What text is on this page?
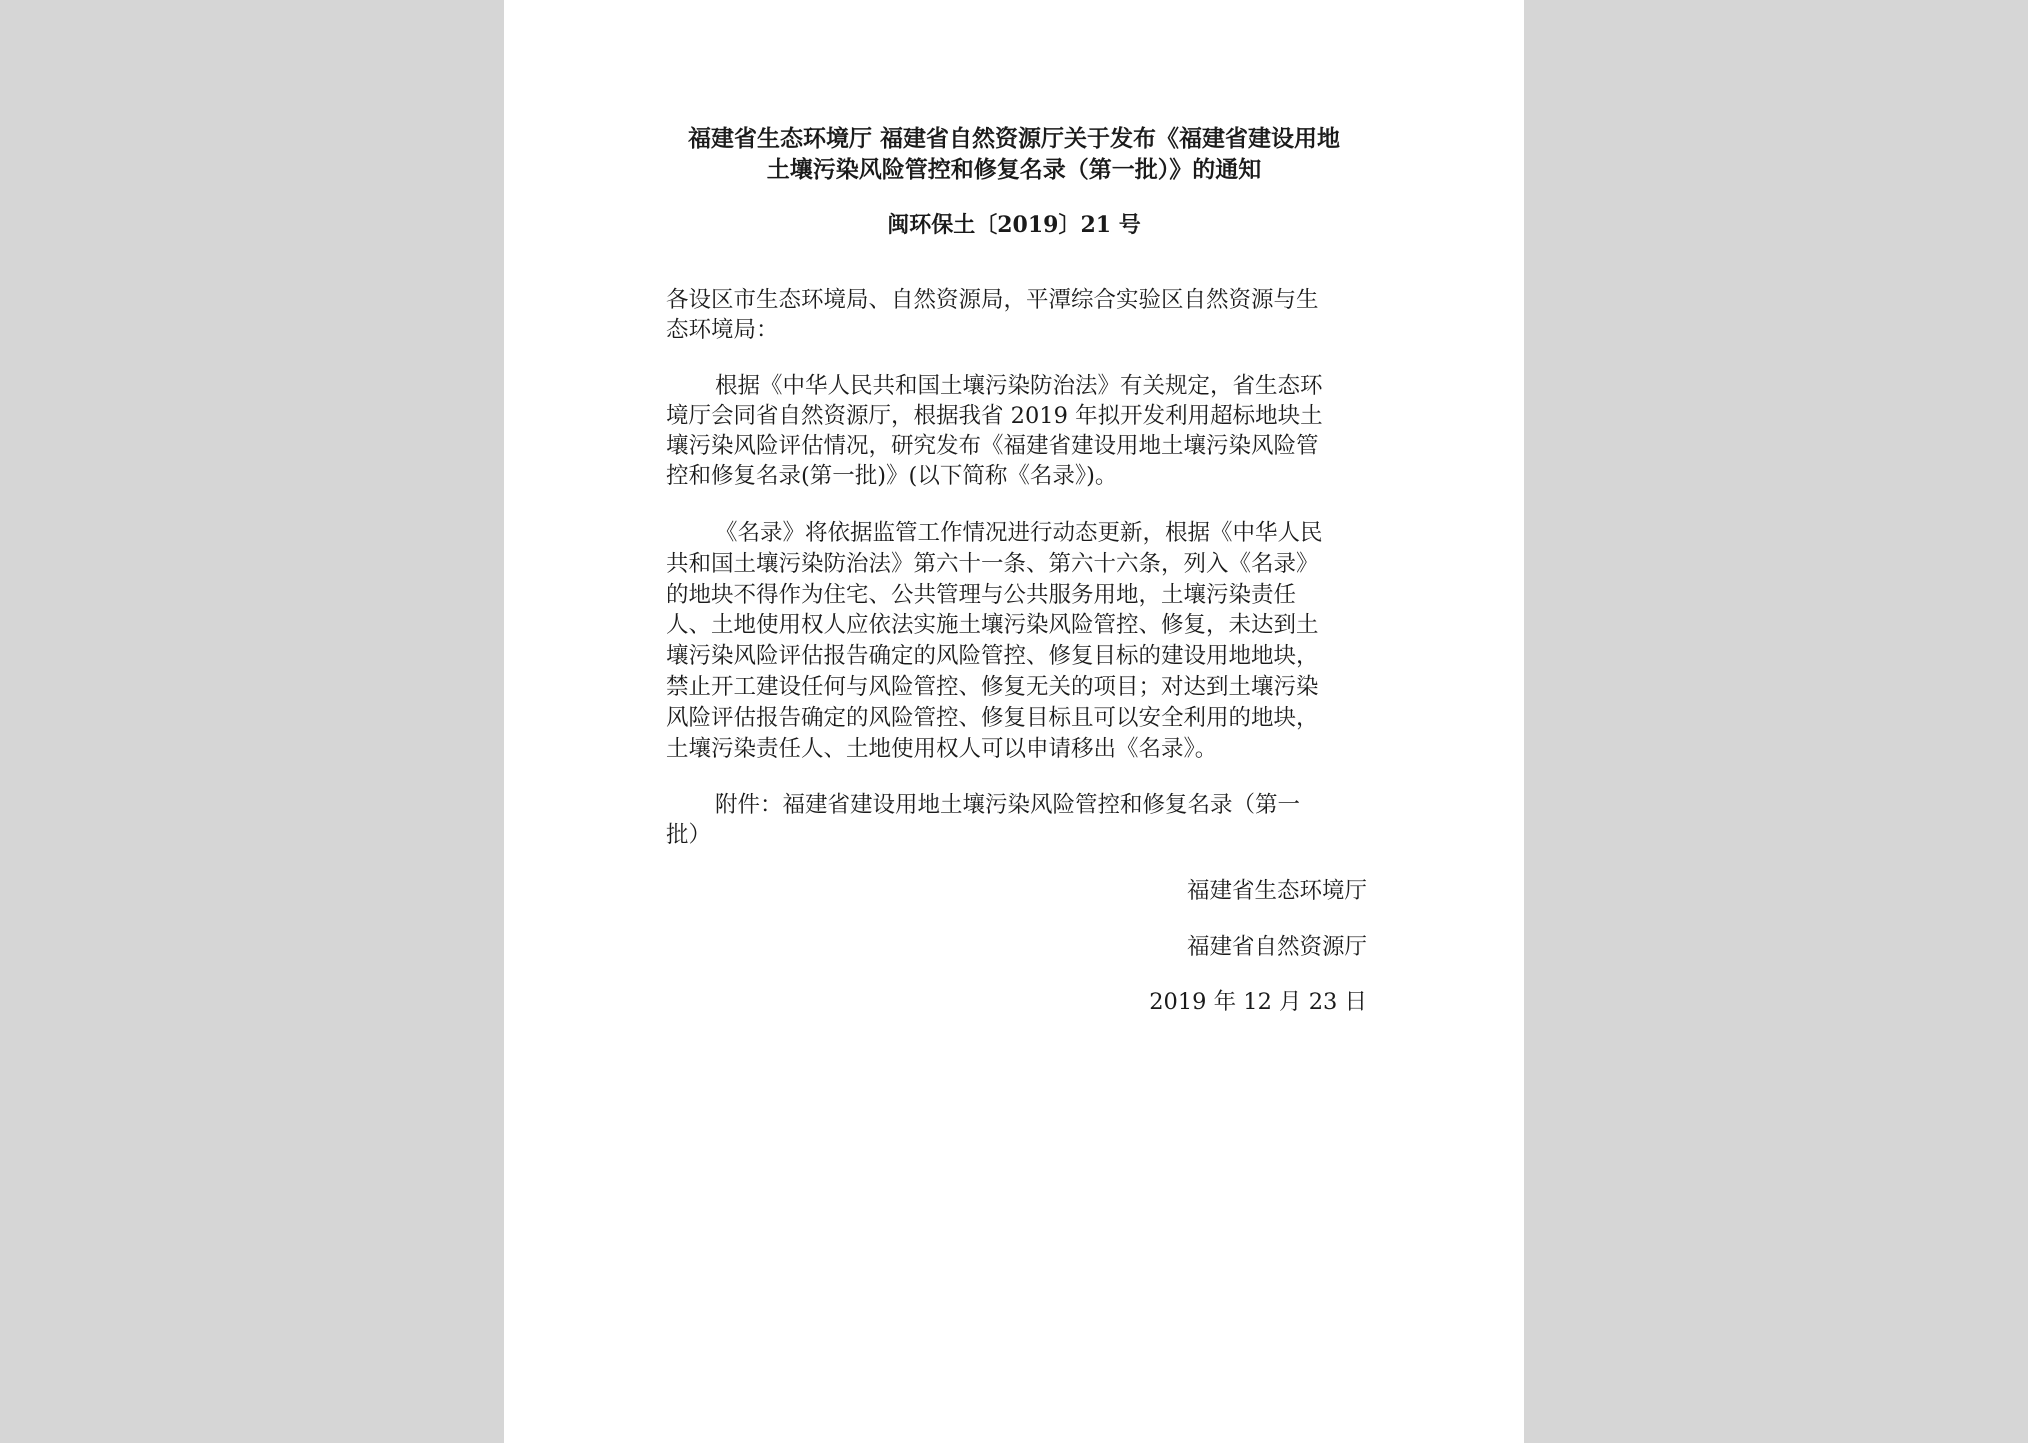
福建省生态环境厅 福建省自然资源厅关于发布《福建省建设用地
土壤污染风险管控和修复名录（第一批）》的通知
闽环保土〔2019〕21 号
各设区市生态环境局、自然资源局，平潭综合实验区自然资源与生
态环境局：
根据《中华人民共和国土壤污染防治法》有关规定，省生态环
境厅会同省自然资源厅，根据我省 2019 年拟开发利用超标地块土
壤污染风险评估情况，研究发布《福建省建设用地土壤污染风险管
控和修复名录(第一批)》(以下简称《名录》)。
《名录》将依据监管工作情况进行动态更新，根据《中华人民
共和国土壤污染防治法》第六十一条、第六十六条，列入《名录》
的地块不得作为住宅、公共管理与公共服务用地，土壤污染责任
人、土地使用权人应依法实施土壤污染风险管控、修复，未达到土
壤污染风险评估报告确定的风险管控、修复目标的建设用地地块，
禁止开工建设任何与风险管控、修复无关的项目；对达到土壤污染
风险评估报告确定的风险管控、修复目标且可以安全利用的地块，
土壤污染责任人、土地使用权人可以申请移出《名录》。
附件：福建省建设用地土壤污染风险管控和修复名录（第一
批）
福建省生态环境厅
福建省自然资源厅
2019 年 12 月 23 日
